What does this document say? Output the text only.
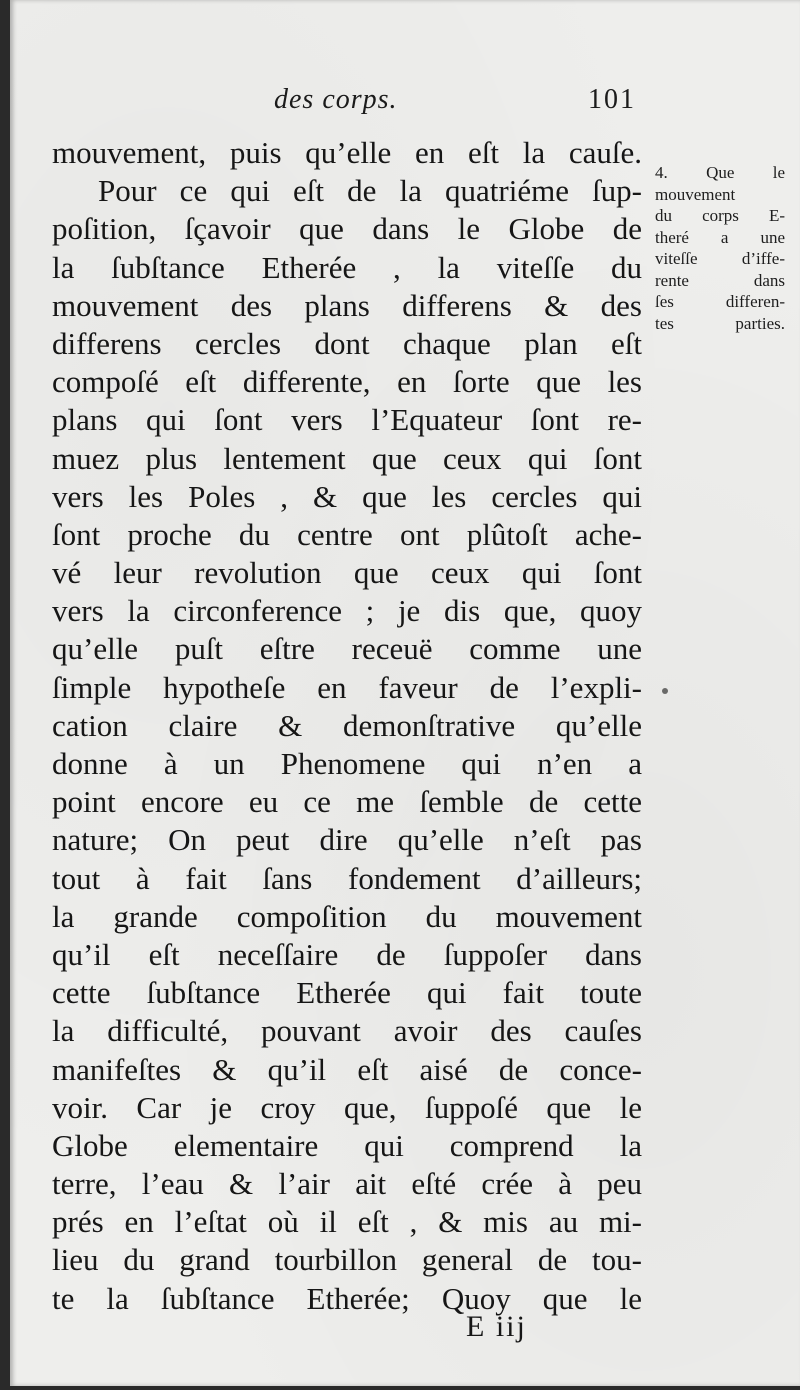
des corps.	101
mouvement, puis qu’elle en eſt la cauſe.
Pour ce qui eſt de la quatriéme ſup-
poſition, ſçavoir que dans le Globe de
la ſubſtance Etherée , la viteſſe du
mouvement des plans differens & des
differens cercles dont chaque plan eſt
compoſé eſt differente, en ſorte que les
plans qui ſont vers l’Equateur ſont re-
muez plus lentement que ceux qui ſont
vers les Poles , & que les cercles qui
ſont proche du centre ont plûtoſt ache-
vé leur revolution que ceux qui ſont
vers la circonference ; je dis que, quoy
qu’elle puſt eſtre receuë comme une
ſimple hypotheſe en faveur de l’expli-
cation claire & demonſtrative qu’elle
donne à un Phenomene qui n’en a
point encore eu ce me ſemble de cette
nature; On peut dire qu’elle n’eſt pas
tout à fait ſans fondement d’ailleurs;
la grande compoſition du mouvement
qu’il eſt neceſſaire de ſuppoſer dans
cette ſubſtance Etherée qui fait toute
la difficulté, pouvant avoir des cauſes
manifeſtes & qu’il eſt aisé de conce-
voir. Car je croy que, ſuppoſé que le
Globe elementaire qui comprend la
terre, l’eau & l’air ait eſté crée à peu
prés en l’eſtat où il eſt , & mis au mi-
lieu du grand tourbillon general de tou-
te la ſubſtance Etherée; Quoy que le
4. Que le
mouvement
du corps E-
theré a une
viteſſe d’iffe-
rente dans
ſes differen-
tes parties.
E iij
